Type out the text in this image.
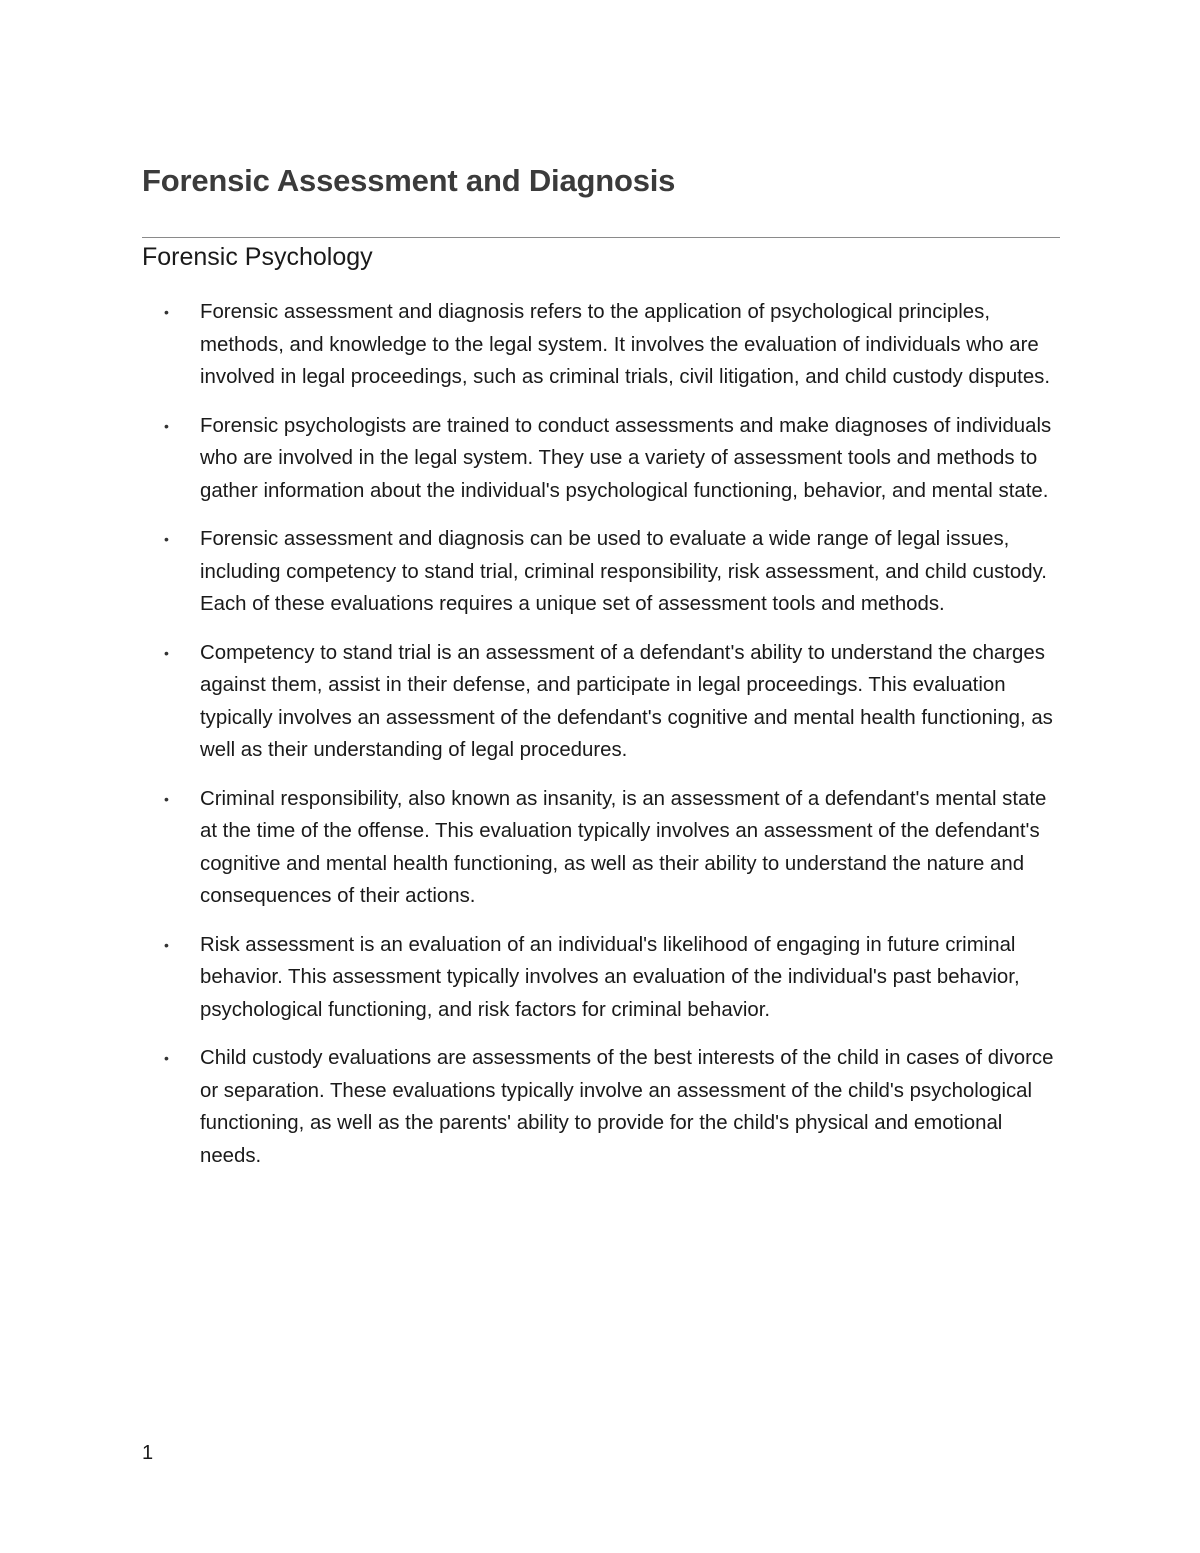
Forensic Assessment and Diagnosis
Forensic Psychology
• Forensic assessment and diagnosis refers to the application of psychological principles, methods, and knowledge to the legal system. It involves the evaluation of individuals who are involved in legal proceedings, such as criminal trials, civil litigation, and child custody disputes.
• Forensic psychologists are trained to conduct assessments and make diagnoses of individuals who are involved in the legal system. They use a variety of assessment tools and methods to gather information about the individual's psychological functioning, behavior, and mental state.
• Forensic assessment and diagnosis can be used to evaluate a wide range of legal issues, including competency to stand trial, criminal responsibility, risk assessment, and child custody. Each of these evaluations requires a unique set of assessment tools and methods.
• Competency to stand trial is an assessment of a defendant's ability to understand the charges against them, assist in their defense, and participate in legal proceedings. This evaluation typically involves an assessment of the defendant's cognitive and mental health functioning, as well as their understanding of legal procedures.
• Criminal responsibility, also known as insanity, is an assessment of a defendant's mental state at the time of the offense. This evaluation typically involves an assessment of the defendant's cognitive and mental health functioning, as well as their ability to understand the nature and consequences of their actions.
• Risk assessment is an evaluation of an individual's likelihood of engaging in future criminal behavior. This assessment typically involves an evaluation of the individual's past behavior, psychological functioning, and risk factors for criminal behavior.
• Child custody evaluations are assessments of the best interests of the child in cases of divorce or separation. These evaluations typically involve an assessment of the child's psychological functioning, as well as the parents' ability to provide for the child's physical and emotional needs.
1
